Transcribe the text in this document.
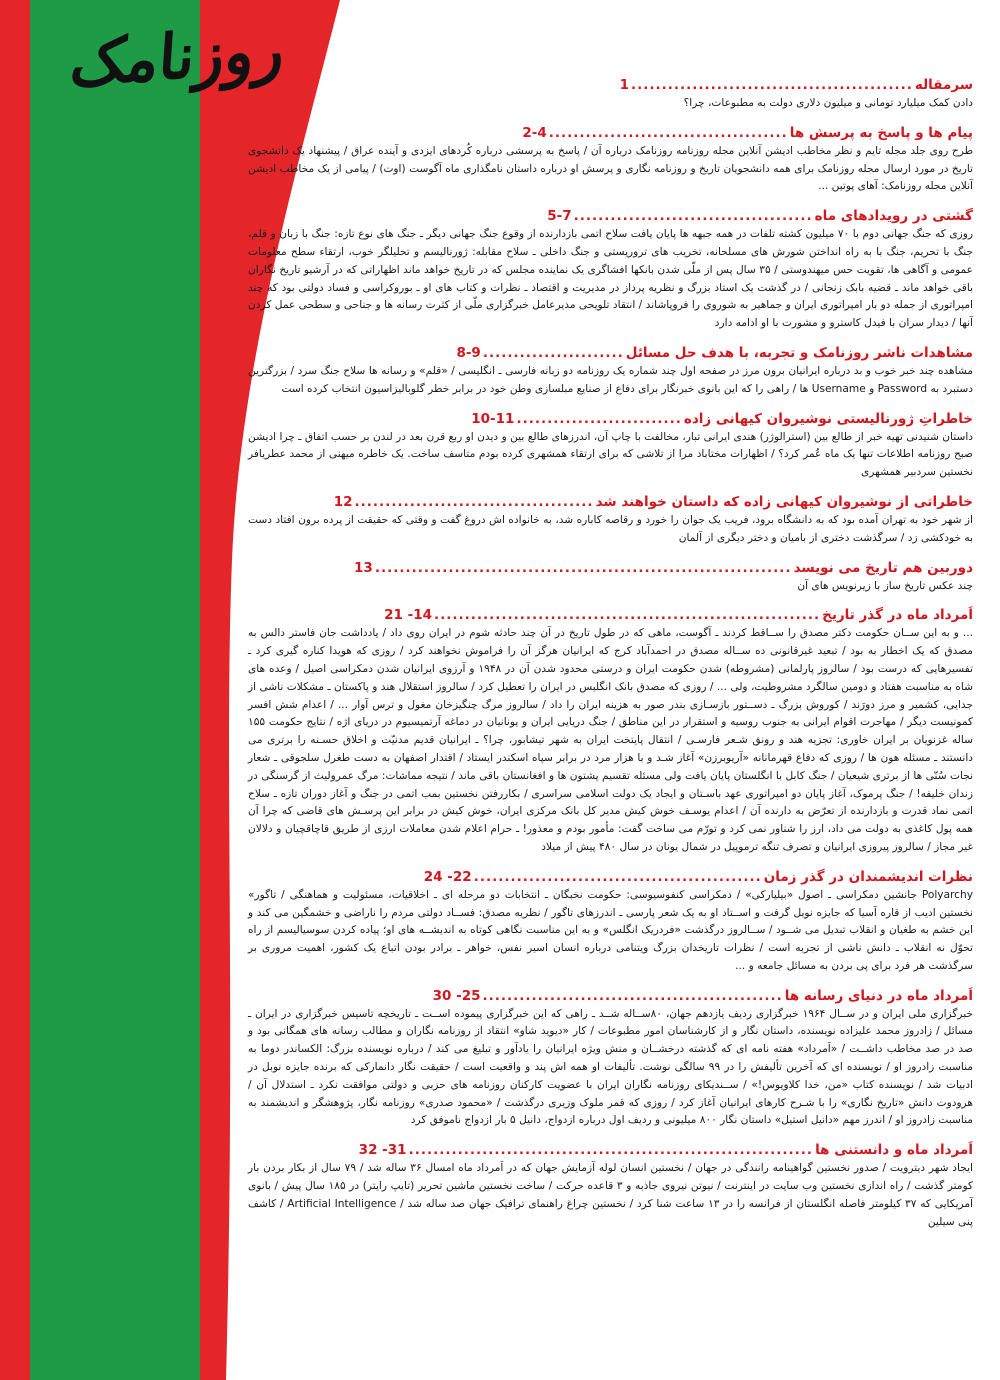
روزنامک	سرمقاله
..............................................
1
دادن کمک میلیارد تومانی و میلیون دلاری دولت به مطبوعات، چرا؟
پیام ها و پاسخ به پرسش ها
.......................................
2-4
طرح روی جلد مجله تایم و نظر مخاطب ادیشن آنلاین مجله روزنامه روزنامک درباره آن / پاسخ به پرسشی درباره کُردهای ایزدی و آینده عراق / پیشنهاد یک دانشجوی تاریخ در مورد ارسال مجله روزنامک برای همه دانشجویان تاریخ و روزنامه نگاری و پرسش او درباره داستان نامگذاری ماه آگوست (اوت) / پیامی از یک مخاطب ادیشن آنلاین مجله روزنامک: آهای پوتین ...
گشتی در رویدادهای ماه
.......................................
5-7
روزی که جنگ جهانی دوم با ۷۰ میلیون کشته تلفات در همه جبهه ها پایان یافت سلاح اتمی بازدارنده از وقوع جنگ جهانی دیگر ـ جنگ های نوع تازه: جنگ با زبان و قلم، جنگ با تحریم، جنگ با به راه انداختن شورش های مسلحانه، تخریب های تروریستی و جنگ داخلی ـ سلاح مقابله: ژورنالیسم و تحلیلگر خوب، ارتقاء سطح معلومات عمومی و آگاهی ها، تقویت حس میهندوستی / ۳۵ سال پس از ملّی شدن بانکها افشاگری یک نماینده مجلس که در تاریخ خواهد ماند اظهاراتی که در آرشیو تاریخ نگاران باقی خواهد ماند ـ قضیه بابک زنجانی / در گذشت یک استاد بزرگ و نظریه پرداز در مدیریت و اقتصاد ـ نظرات و کتاب های او ـ بوروکراسی و فساد دولتی بود که چند امپراتوری از جمله دو بار امپراتوری ایران و جماهیر به شوروی را فروپاشاند / انتقاد تلویحی مدیرعامل خبرگزاری ملّی از کثرت رسانه ها و جناحی و سطحی عمل کردن آنها / دیدار سران با فیدل کاسترو و مشورت با او ادامه دارد
مشاهدات ناشر روزنامک و تجربه، با هدف حل مسائل
.......................
8-9
مشاهده چند خبر خوب و بد درباره ایرانیان برون مرز در صفحه اول چند شماره یک روزنامه دو زبانه فارسی ـ انگلیسی / «قلم» و رسانه ها سلاح جنگ سرد / بزرگترین دستبرد به Password و Username ها / راهی را که این بانوی خبرنگار برای دفاع از صنایع مبلسازی وطن خود در برابر خطر گلوبالیزاسیون انتخاب کرده است
خاطراتِ ژورنالیستی نوشیروان کیهانی زاده
...........................
10-11
داستان شنیدنی تهیه خبر از طالع بین (استرالوژر) هندی ایرانی تبار، مخالفت با چاپ آن، اندرزهای طالع بین و دیدن او ربع قرن بعد در لندن بر حسب اتفاق ـ چرا ادیشن صبح روزنامه اطلاعات تنها یک ماه عُمر کرد؟ / اظهارات مختاباد مرا از تلاشی که برای ارتقاء همشهری کرده بودم متاسف ساخت. یک خاطره میهنی از محمد عطریافر نخستین سردبیر همشهری
خاطراتی از نوشیروان کیهانی زاده که داستان خواهند شد
.......................................
12
از شهر خود به تهران آمده بود که به دانشگاه برود، فریب یک جوان را خورد و رقاصه کاباره شد، به خانواده اش دروغ گفت و وقتی که حقیقت از پرده برون افتاد دست به خودکشی زد / سرگذشت دختری از بامیان و دختر دیگری از آلمان
دوربین هم تاریخ می نویسد
....................................................................
13
چند عکس تاریخ ساز با زیرنویس های آن
اَمرداد ماه در گذر تاریخ
...............................................................
14- 21
... و به این ســان حکومت دکتر مصدق را ســاقط کردند ـ آگوست، ماهی که در طول تاریخ در آن چند حادثه شوم در ایران روی داد / یادداشت جان فاستر دالس به مصدق که یک اخطار به بود / تبعید غیرقانونی ده ســاله مصدق در احمدآباد کرج که ایرانیان هرگز آن را فراموش نخواهند کرد / روزی که هویدا کناره گیری کرد ـ تفسیرهایی که درست بود / سالروز پارلمانی (مشروطه) شدن حکومت ایران و درستی محدود شدن آن در ۱۹۴۸ و آرزوی ایرانیان شدن دمکراسی اصیل / وعده های شاه به مناسبت هفتاد و دومین سالگرد مشروطیت، ولی ... / روزی که مصدق بانک انگلیس در ایران را تعطیل کرد / سالروز استقلال هند و پاکستان ـ مشکلات ناشی از جدایی، کشمیر و مرز دورَند / کوروش بزرگ ـ دســتور بازسـازی بندر صور به هزینه ایران را داد / سالروز مرگ چنگیزخان مغول و ترس آوار ... / اعدام شش افسر کمونیست دیگر / مهاجرت اقوام ایرانی به جنوب روسیه و استقرار در این مناطق / جنگ دریایی ایران و یونانیان در دماغه آرتمیسیوم در دریای اژه / نتایج حکومت ۱۵۵ ساله غزنویان بر ایران خاوری: تجزیه هند و رونق شـعر فارسـی / انتقال پایتخت ایران به شهر تیشابور، چرا؟ ـ ایرانیان قدیم مدنیّت و اخلاق حسـنه را برتری می دانستند ـ مسئله هون ها / روزی که دفاع قهرمانانه «آریوبرزن» آغاز شـد و با هزار مرد در برابر سپاه اسکندر ایستاد / اقتدار اصفهان به دست طغرل سلجوقی ـ شعار نجات سُنّی ها از برتری شیعیان / جنگ کابل با انگلستان پایان یافت ولی مسئله تقسیم پشتون ها و افغانستان باقی ماند / نتیجه مماشات: مرگ عمرولیث از گرسنگی در زندان خلیفه! / جنگ پرموک، آغاز پایان دو امپراتوری عهد باسـتان و ایجاد یک دولت اسلامی سراسری / بکاررفتن نخستین بمب اتمی در جنگ و آغاز دوران تازه ـ سلاح اتمی نماد قدرت و بازدارنده از تعرّض به دارنده آن / اعدام یوسـف خوش کیش مدیر کل بانک مرکزی ایران، خوش کیش در برابر این پرسـش های قاضی که چرا آن همه پول کاغذی به دولت می داد، ارز را شناور نمی کرد و تورّم می ساخت گفت: مأمور بودم و معذور! ـ حرام اعلام شدن معاملات ارزی از طریق قاچاقچیان و دلالان غیر مجاز / سالروز پیروزی ایرانیان و تصرف تنگه ترموپیل در شمال یونان در سال ۴۸۰ پیش از میلاد
نظرات اندیشمندان در گذر زمان
...............................................
22- 24
Polyarchy جانشین دمکراسی ـ اصول «بیلیارکی» / دمکراسی کنفوسیوسی: حکومت نخبگان ـ انتخابات دو مرحله ای ـ اخلاقیات، مسئولیت و هماهنگی / تاگور» نخستین ادیب از قاره آسیا که جایزه نوبل گرفت و اســتاد او به یک شعر پارسی ـ اندرزهای تاگور / نظریه مصدق: فســاد دولتی مردم را ناراضی و خشمگین می کند و این خشم به طغیان و انقلاب تبدیل می شــود / ســالروز درگذشت «فردریک انگلس» و به این مناسبت نگاهی کوتاه به اندیشــه های او؛ پیاده کردن سوسیالیسم از راه تحوّل نه انقلاب ـ دانش ناشی از تجربه است / نظرات تاریخدان بزرگ ویتنامی درباره انسان اسیر نفس، خواهر ـ برادر بودن اتباع یک کشور، اهمیت مروری بر سرگذشت هر فرد برای پی بردن به مسائل جامعه و ...
اَمرداد ماه در دنیای رسانه ها
.................................................
25- 30
خبرگزاری ملی ایران و در ســال ۱۹۶۴ خبرگزاری ردیف یازدهم جهان، ۸۰ســاله شــد ـ راهی که این خبرگزاری پیموده اســت ـ تاریخچه تاسیس خبرگزاری در ایران ـ مسائل / زادروز محمد علیزاده نویسنده، داستان نگار و از کارشناسان امور مطبوعات / کار «دیوید شاو» انتقاد از روزنامه نگاران و مطالب رسانه های همگانی بود و صد در صد مخاطب داشــت / «اَمرداد» هفته نامه ای که گذشته درخشــان و منش ویژه ایرانیان را یادآور و تبلیغ می کند / درباره نویسنده بزرگ: الکساندر دوما به مناسبت زادروز او / نویسنده ای که آخرین تألیفش را در ۹۹ سالگی نوشت. تألیفات او همه اش پند و واقعیت است / حقیقت نگار دانمارکی که برنده جایزه نوبل در ادبیات شد / نویسنده کتاب «من، خدا کلاویوس!» / ســندیکای روزنامه نگاران ایران با عضویت کارکنان روزنامه های حزبی و دولتی موافقت نکرد ـ استدلال آن / هرودوت دانش «تاریخ نگاری» را با شـرح کارهای ایرانیان آغاز کرد / روزی که قمر ملوک وزیری درگذشت / «محمود صدری» روزنامه نگار، پژوهشگر و اندیشمند به مناسبت زادروز او / اندرز مهم «دانیل استیل» داستان نگار ۸۰۰ میلیونی و ردیف اول درباره ازدواج، دانیل ۵ بار ازدواج ناموفق کرد
اَمرداد ماه و دانستنی ها
..................................................................
31- 32
ایجاد شهر دیترویت / صدور نخستین گواهینامه رانندگی در جهان / نخستین انسان لوله آزمایش جهان که در اَمرداد ماه امسال ۳۶ ساله شد / ۷۹ سال از بکار بردن بار کومتر گذشت / راه اندازی نخستین وب سایت در اینترنت / نیوتن نیروی جاذبه و ۳ قاعده حرکت / ساخت نخستین ماشین تحریر (تایپ رایتر) در ۱۸۵ سال پیش / بانوی آمریکایی که ۳۷ کیلومتر فاصله انگلستان از فرانسه را در ۱۳ ساعت شنا کرد / نخستین چراغ راهنمای ترافیک جهان صد ساله شد / Artificial Intelligence / کاشف پنی سیلین
